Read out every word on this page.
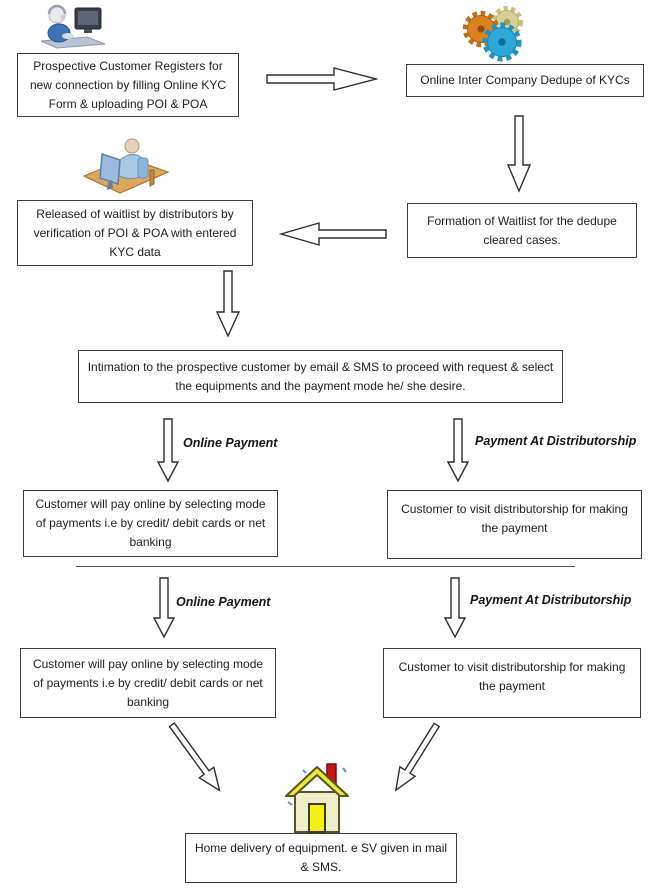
Prospective Customer Registers for new connection by filling Online KYC Form & uploading POI & POA
Online Inter Company Dedupe of KYCs
Formation of Waitlist for the dedupe cleared cases.
Released of waitlist by distributors by verification of POI & POA with entered KYC data
Intimation to the prospective customer by email & SMS to proceed with request & select the equipments and the payment mode he/ she desire.
Customer will pay online by selecting mode of payments i.e by credit/ debit cards or net banking
Customer to visit distributorship for making the payment
Customer will pay online by selecting mode of payments i.e by credit/ debit cards or net banking
Customer to visit distributorship for making the payment
Home delivery of equipment. e SV given in mail & SMS.
Online Payment	Payment At Distributorship
Online Payment	Payment At Distributorship
